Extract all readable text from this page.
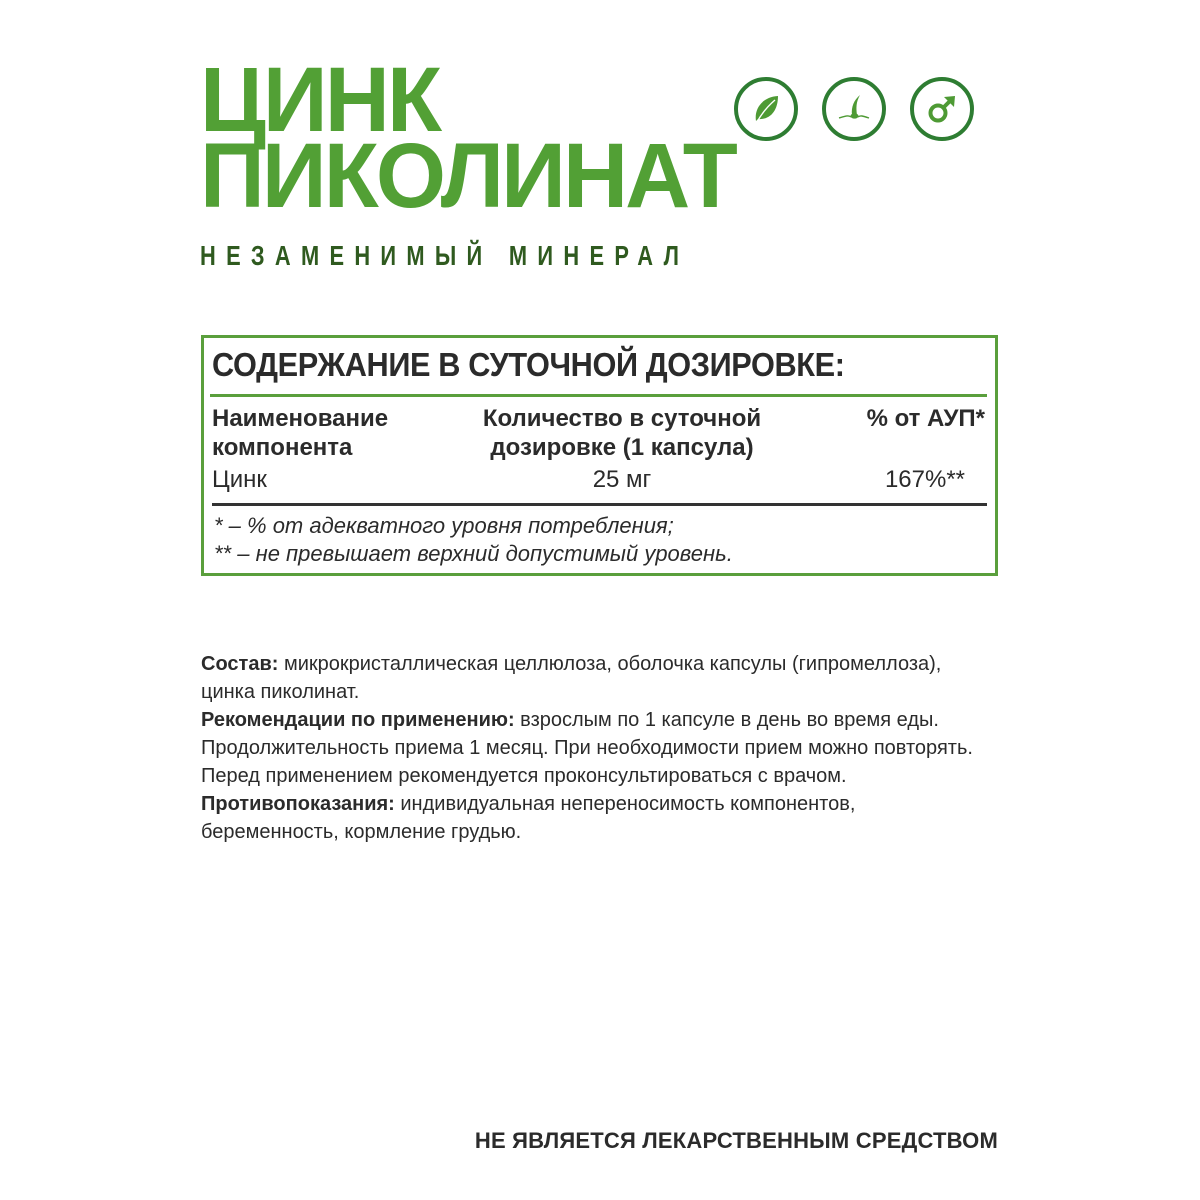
ЦИНК
ПИКОЛИНАТ
НЕЗАМЕНИМЫЙ МИНЕРАЛ
СОДЕРЖАНИЕ В СУТОЧНОЙ ДОЗИРОВКЕ:
Наименование
компонента
Количество в суточной
дозировке (1 капсула)
% от АУП*
Цинк	25 мг	167%**
* – % от адекватного уровня потребления;
** – не превышает верхний допустимый уровень.

Состав: микрокристаллическая целлюлоза, оболочка капсулы (гипромеллоза), цинка пиколинат.

Рекомендации по применению: взрослым по 1 капсуле в день во время еды. Продолжительность приема 1 месяц. При необходимости прием можно повторять. Перед применением рекомендуется проконсультироваться с врачом.

Противопоказания: индивидуальная непереносимость компонентов, беременность, кормление грудью.

НЕ ЯВЛЯЕТСЯ ЛЕКАРСТВЕННЫМ СРЕДСТВОМ
